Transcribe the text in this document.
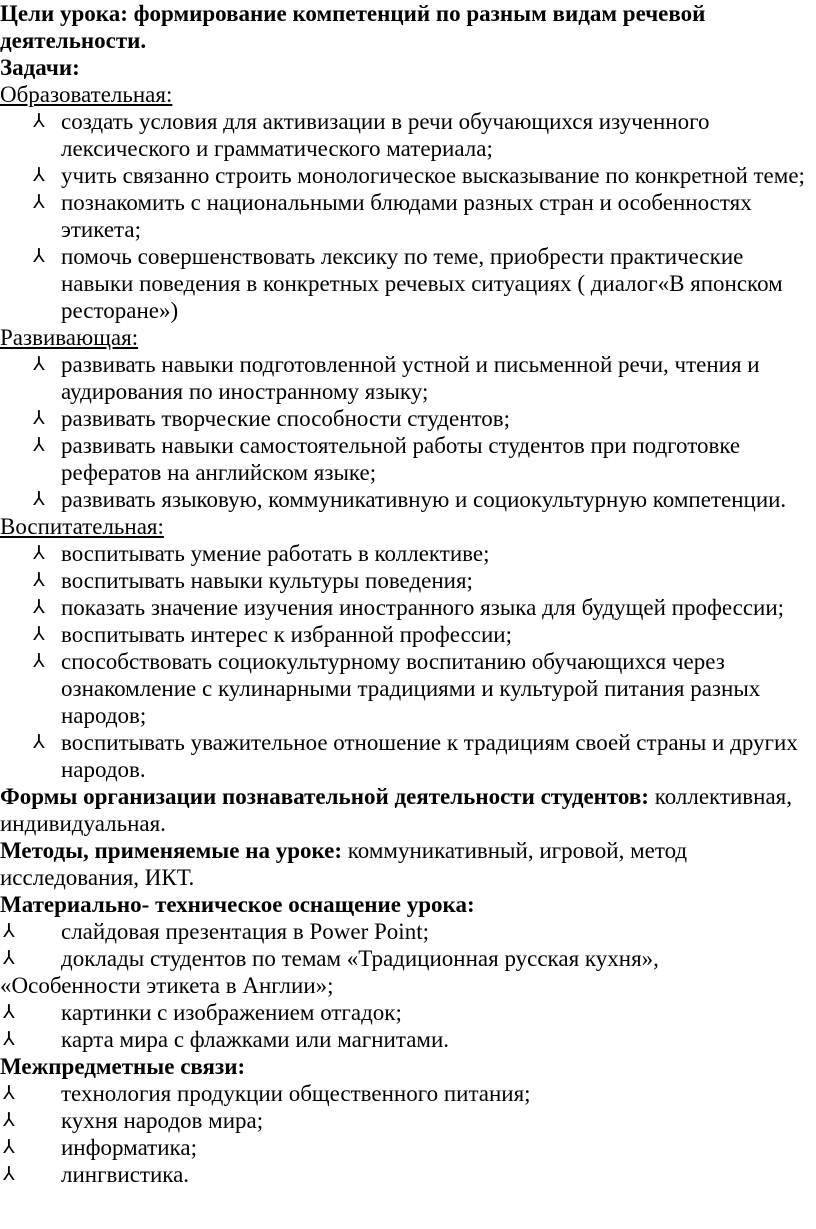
Цели урока: формирование компетенций по разным видам речевой деятельности.

Задачи:

Образовательная:

⅄ создать условия для активизации в речи обучающихся изученного лексического и грамматического материала;
⅄ учить связанно строить монологическое высказывание по конкретной теме;
⅄ познакомить с национальными блюдами разных стран и особенностях этикета;
⅄ помочь совершенствовать лексику по теме, приобрести практические навыки поведения в конкретных речевых ситуациях ( диалог«В японском ресторане»)

Развивающая:

⅄ развивать навыки подготовленной устной и письменной речи, чтения и аудирования по иностранному языку;
⅄ развивать творческие способности студентов;
⅄ развивать навыки самостоятельной работы студентов при подготовке рефератов на английском языке;
⅄ развивать языковую, коммуникативную и социокультурную компетенции.

Воспитательная:

⅄ воспитывать умение работать в коллективе;
⅄ воспитывать навыки культуры поведения;
⅄ показать значение изучения иностранного языка для будущей профессии;
⅄ воспитывать интерес к избранной профессии;
⅄ способствовать социокультурному воспитанию обучающихся через ознакомление с кулинарными традициями и культурой питания разных народов;
⅄ воспитывать уважительное отношение к традициям своей страны и других народов.

Формы организации познавательной деятельности студентов: коллективная, индивидуальная.

Методы, применяемые на уроке: коммуникативный, игровой, метод исследования, ИКТ.

Материально- техническое оснащение урока:

⅄	слайдовая презентация в Power Point;
⅄	доклады студентов по темам «Традиционная русская кухня»,

«Особенности этикета в Англии»;

⅄	картинки с изображением отгадок;
⅄	карта мира с флажками или магнитами.

Межпредметные связи:

⅄	технология продукции общественного питания;
⅄	кухня народов мира;
⅄	информатика;
⅄	лингвистика.
